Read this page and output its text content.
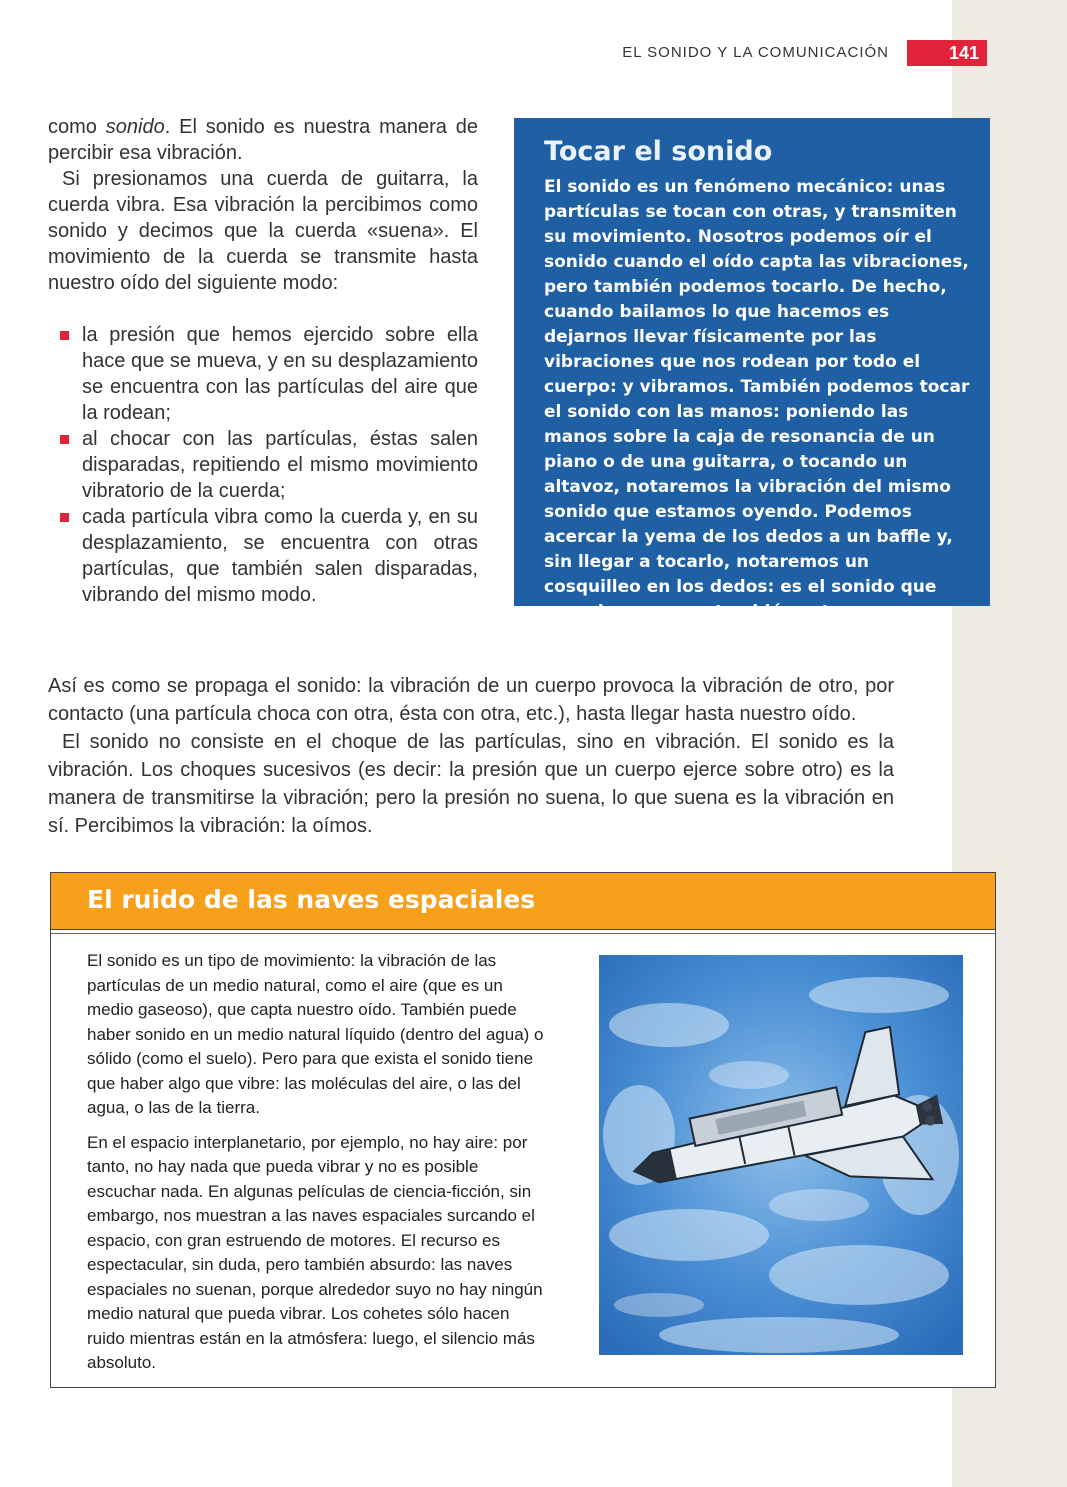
EL SONIDO Y LA COMUNICACIÓN	141

como sonido. El sonido es nuestra manera de percibir esa vibración.

Si presionamos una cuerda de guitarra, la cuerda vibra. Esa vibración la percibimos como sonido y decimos que la cuerda «suena». El movimiento de la cuerda se transmite hasta nuestro oído del siguiente modo:

la presión que hemos ejercido sobre ella hace que se mueva, y en su desplazamiento se encuentra con las partículas del aire que la rodean;
al chocar con las partículas, éstas salen disparadas, repitiendo el mismo movimiento vibratorio de la cuerda;
cada partícula vibra como la cuerda y, en su desplazamiento, se encuentra con otras partículas, que también salen disparadas, vibrando del mismo modo.
Tocar el sonido

El sonido es un fenómeno mecánico: unas partículas se tocan con otras, y transmiten su movimiento. Nosotros podemos oír el sonido cuando el oído capta las vibraciones, pero también podemos tocarlo. De hecho, cuando bailamos lo que hacemos es dejarnos llevar físicamente por las vibraciones que nos rodean por todo el cuerpo: y vibramos. También podemos tocar el sonido con las manos: poniendo las manos sobre la caja de resonancia de un piano o de una guitarra, o tocando un altavoz, notaremos la vibración del mismo sonido que estamos oyendo. Podemos acercar la yema de los dedos a un baffle y, sin llegar a tocarlo, notaremos un cosquilleo en los dedos: es el sonido que escuchamos, que también estamos tocándolo.

Así es como se propaga el sonido: la vibración de un cuerpo provoca la vibración de otro, por contacto (una partícula choca con otra, ésta con otra, etc.), hasta llegar hasta nuestro oído.

El sonido no consiste en el choque de las partículas, sino en vibración. El sonido es la vibración. Los choques sucesivos (es decir: la presión que un cuerpo ejerce sobre otro) es la manera de transmitirse la vibración; pero la presión no suena, lo que suena es la vibración en sí. Percibimos la vibración: la oímos.

El ruido de las naves espaciales

El sonido es un tipo de movimiento: la vibración de las partículas de un medio natural, como el aire (que es un medio gaseoso), que capta nuestro oído. También puede haber sonido en un medio natural líquido (dentro del agua) o sólido (como el suelo). Pero para que exista el sonido tiene que haber algo que vibre: las moléculas del aire, o las del agua, o las de la tierra.

En el espacio interplanetario, por ejemplo, no hay aire: por tanto, no hay nada que pueda vibrar y no es posible escuchar nada. En algunas películas de ciencia-ficción, sin embargo, nos muestran a las naves espaciales surcando el espacio, con gran estruendo de motores. El recurso es espectacular, sin duda, pero también absurdo: las naves espaciales no suenan, porque alrededor suyo no hay ningún medio natural que pueda vibrar. Los cohetes sólo hacen ruido mientras están en la atmósfera: luego, el silencio más absoluto.
